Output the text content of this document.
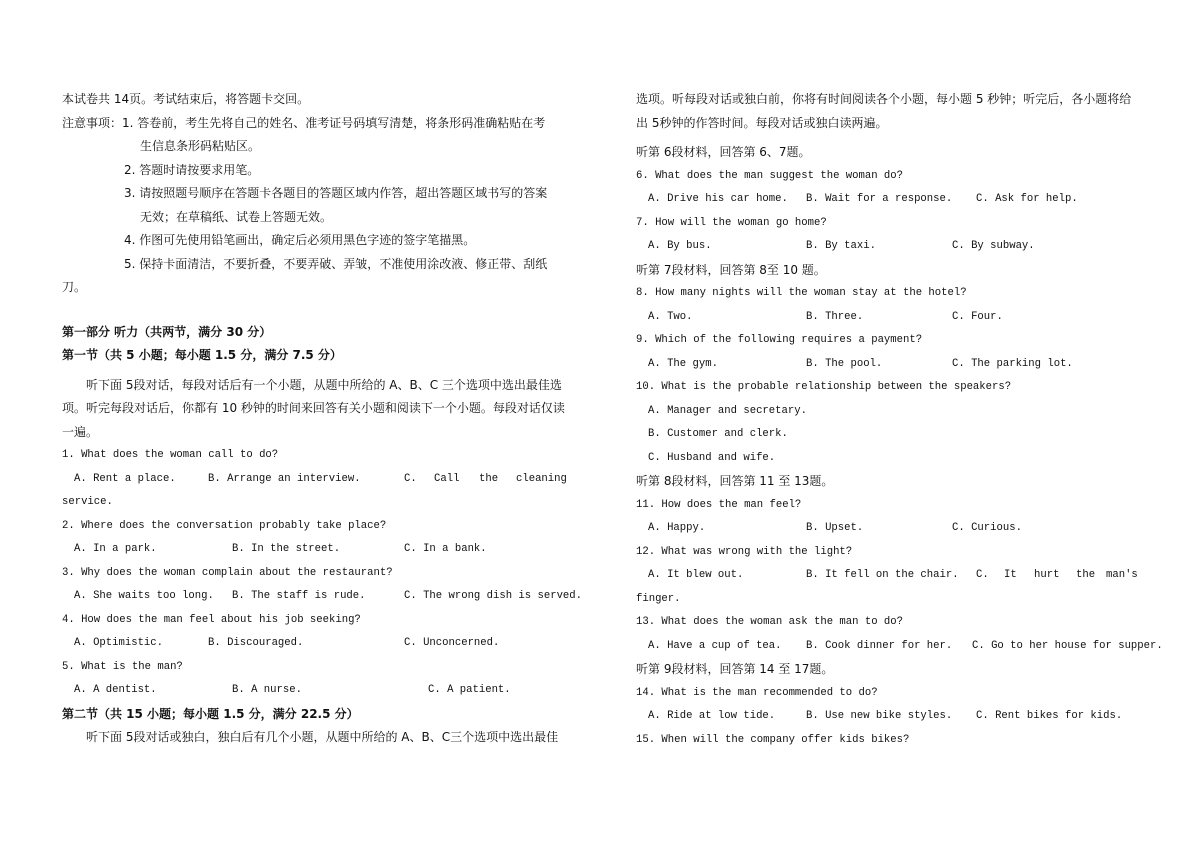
本试卷共 14页。考试结束后，将答题卡交回。
注意事项：1. 答卷前，考生先将自己的姓名、准考证号码填写清楚，将条形码准确粘贴在考
生信息条形码粘贴区。
2. 答题时请按要求用笔。
3. 请按照题号顺序在答题卡各题目的答题区域内作答，超出答题区域书写的答案
无效；在草稿纸、试卷上答题无效。
4. 作图可先使用铅笔画出，确定后必须用黑色字迹的签字笔描黑。
5. 保持卡面清洁，不要折叠，不要弄破、弄皱，不准使用涂改液、修正带、刮纸
刀。
第一部分 听力（共两节，满分 30 分）
第一节（共 5 小题；每小题 1.5 分，满分 7.5 分）
听下面 5段对话，每段对话后有一个小题，从题中所给的 A、B、C 三个选项中选出最佳选
项。听完每段对话后，你都有 10 秒钟的时间来回答有关小题和阅读下一个小题。每段对话仅读
一遍。
1. What does the woman call to do?
A. Rent a place.	B. Arrange an interview.	C. Call the cleaning
service.
2. Where does the conversation probably take place?
A. In a park.	B. In the street.	C. In a bank.
3. Why does the woman complain about the restaurant?
A. She waits too long. B. The staff is rude.	C. The wrong dish is served.
4. How does the man feel about his job seeking?
A. Optimistic.	B. Discouraged.	C. Unconcerned.
5. What is the man?
A. A dentist.	B. A nurse.	C. A patient.
第二节（共 15 小题；每小题 1.5 分，满分 22.5 分）
听下面 5段对话或独白，独白后有几个小题，从题中所给的 A、B、C三个选项中选出最佳
选项。听每段对话或独白前，你将有时间阅读各个小题，每小题 5 秒钟；听完后，各小题将给
出 5秒钟的作答时间。每段对话或独白读两遍。
听第 6段材料，回答第 6、7题。
6. What does the man suggest the woman do?
A. Drive his car home. B. Wait for a response. C. Ask for help.
7. How will the woman go home?
A. By bus.	B. By taxi.	C. By subway.
听第 7段材料，回答第 8至 10 题。
8. How many nights will the woman stay at the hotel?
A. Two.	B. Three.	C. Four.
9. Which of the following requires a payment?
A. The gym.	B. The pool.	C. The parking lot.
10. What is the probable relationship between the speakers?
A. Manager and secretary.
B. Customer and clerk.
C. Husband and wife.
听第 8段材料，回答第 11 至 13题。
11. How does the man feel?
A. Happy.	B. Upset.	C. Curious.
12. What was wrong with the light?
A. It blew out.	B. It fell on the chair. C. It hurt the man's
finger.
13. What does the woman ask the man to do?
A. Have a cup of tea. B. Cook dinner for her. C. Go to her house for supper.
听第 9段材料，回答第 14 至 17题。
14. What is the man recommended to do?
A. Ride at low tide.	B. Use new bike styles. C. Rent bikes for kids.
15. When will the company offer kids bikes?
